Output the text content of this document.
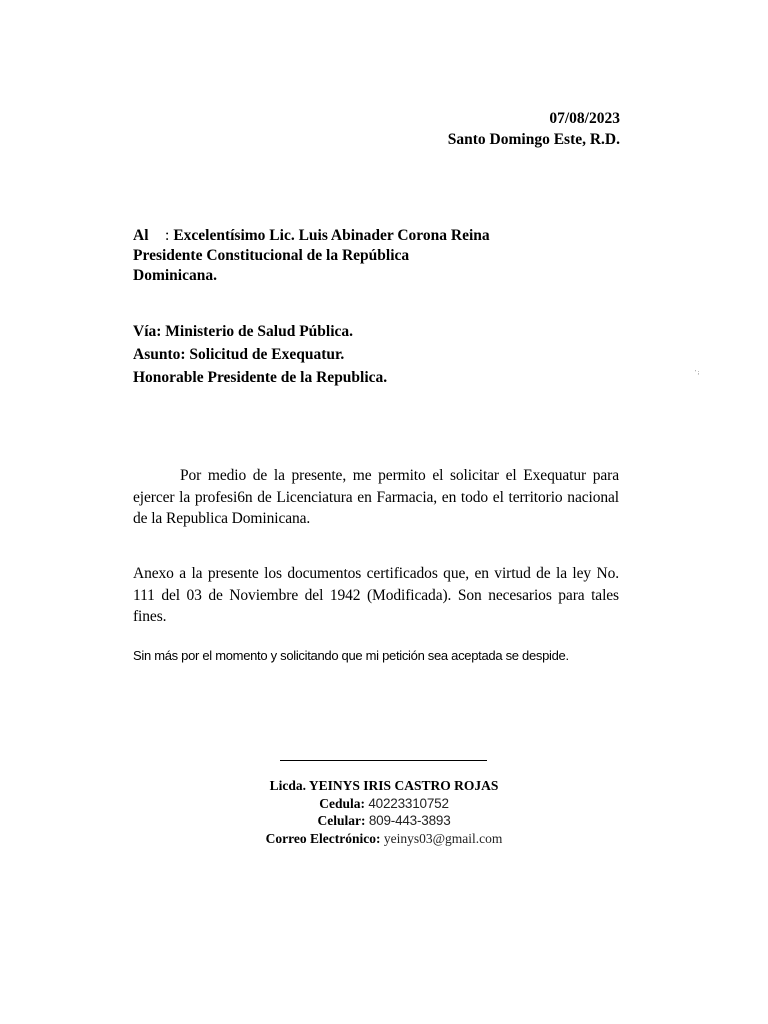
07/08/2023
Santo Domingo Este, R.D.
Al : Excelentísimo Lic. Luis Abinader Corona Reina
Presidente Constitucional de la República
Dominicana.
Vía: Ministerio de Salud Pública.
Asunto: Solicitud de Exequatur.
Honorable Presidente de la Republica.	' ;
Por medio de la presente, me permito el solicitar el Exequatur para ejercer la profesi6n de Licenciatura en Farmacia, en todo el territorio nacional de la Republica Dominicana.
Anexo a la presente los documentos certificados que, en virtud de la ley No. 111 del 03 de Noviembre del 1942 (Modificada). Son necesarios para tales fines.
Sin más por el momento y solicitando que mi petición sea aceptada se despide.
Licda. YEINYS IRIS CASTRO ROJAS
Cedula: 40223310752
Celular: 809-443-3893
Correo Electrónico: yeinys03@gmail.com
